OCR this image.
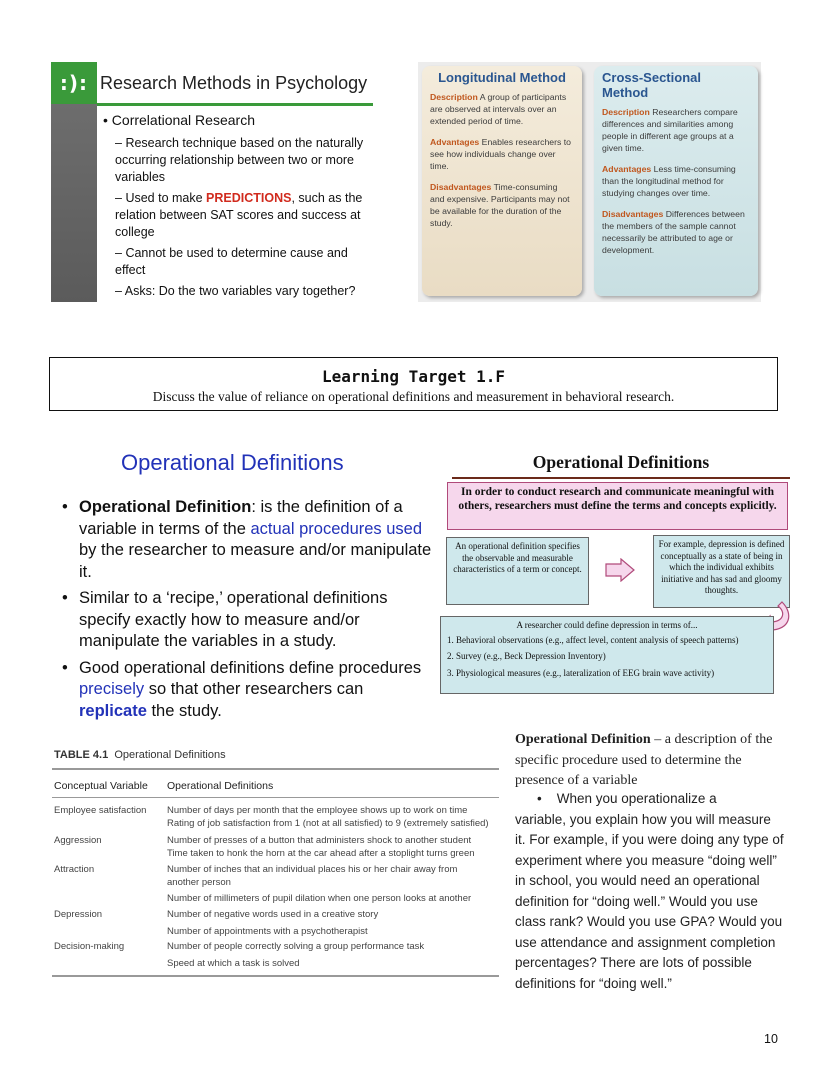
:): Research Methods in Psychology
• Correlational Research
– Research technique based on the naturally occurring relationship between two or more variables
– Used to make PREDICTIONS, such as the relation between SAT scores and success at college
– Cannot be used to determine cause and effect
– Asks: Do the two variables vary together?
Longitudinal Method

Description A group of participants are observed at intervals over an extended period of time.

Advantages Enables researchers to see how individuals change over time.

Disadvantages Time-consuming and expensive. Participants may not be available for the duration of the study.

Cross-Sectional Method

Description Researchers compare differences and similarities among people in different age groups at a given time.

Advantages Less time-consuming than the longitudinal method for studying changes over time.

Disadvantages Differences between the members of the sample cannot necessarily be attributed to age or development.

Learning Target 1.F
Discuss the value of reliance on operational definitions and measurement in behavioral research.
Operational Definitions
• Operational Definition: is the definition of a variable in terms of the actual procedures used by the researcher to measure and/or manipulate it.
• Similar to a ‘recipe,’ operational definitions specify exactly how to measure and/or manipulate the variables in a study.
• Good operational definitions define procedures precisely so that other researchers can replicate the study.
Operational Definitions
In order to conduct research and communicate meaningful with others, researchers must define the terms and concepts explicitly.
An operational definition specifies the observable and measurable characteristics of a term or concept.
For example, depression is defined conceptually as a state of being in which the individual exhibits initiative and has sad and gloomy thoughts.
A researcher could define depression in terms of...
1. Behavioral observations (e.g., affect level, content analysis of speech patterns)
2. Survey (e.g., Beck Depression Inventory)
3. Physiological measures (e.g., lateralization of EEG brain wave activity)
TABLE 4.1 Operational Definitions
Conceptual Variable	Operational Definitions
Employee satisfaction	Number of days per month that the employee shows up to work on time
Rating of job satisfaction from 1 (not at all satisfied) to 9 (extremely satisfied)
Aggression	Number of presses of a button that administers shock to another student
Time taken to honk the horn at the car ahead after a stoplight turns green
Attraction	Number of inches that an individual places his or her chair away from another person
Number of millimeters of pupil dilation when one person looks at another
Depression	Number of negative words used in a creative story
Number of appointments with a psychotherapist
Decision-making	Number of people correctly solving a group performance task
Speed at which a task is solved
Operational Definition – a description of the specific procedure used to determine the presence of a variable
• When you operationalize a
variable, you explain how you will measure it. For example, if you were doing any type of experiment where you measure “doing well” in school, you would need an operational definition for “doing well.” Would you use class rank? Would you use GPA? Would you use attendance and assignment completion percentages? There are lots of possible definitions for “doing well.”
10
